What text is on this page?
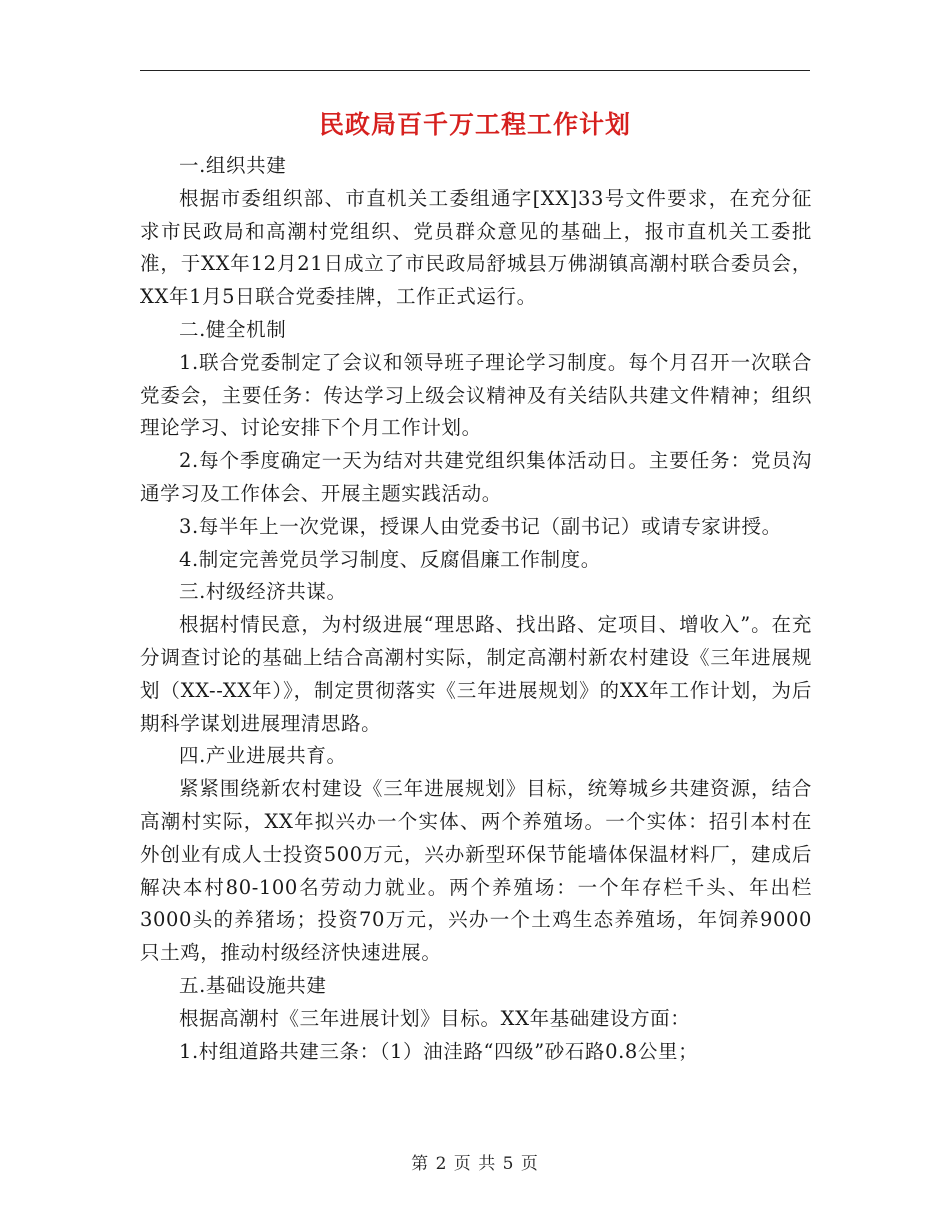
民政局百千万工程工作计划

一.组织共建

根据市委组织部、市直机关工委组通字[XX]33号文件要求，在充分征求市民政局和高潮村党组织、党员群众意见的基础上，报市直机关工委批准，于XX年12月21日成立了市民政局舒城县万佛湖镇高潮村联合委员会，XX年1月5日联合党委挂牌，工作正式运行。

二.健全机制

1.联合党委制定了会议和领导班子理论学习制度。每个月召开一次联合党委会，主要任务：传达学习上级会议精神及有关结队共建文件精神；组织理论学习、讨论安排下个月工作计划。

2.每个季度确定一天为结对共建党组织集体活动日。主要任务：党员沟通学习及工作体会、开展主题实践活动。

3.每半年上一次党课，授课人由党委书记（副书记）或请专家讲授。

4.制定完善党员学习制度、反腐倡廉工作制度。

三.村级经济共谋。

根据村情民意，为村级进展“理思路、找出路、定项目、增收入”。在充分调查讨论的基础上结合高潮村实际，制定高潮村新农村建设《三年进展规划（XX--XX年）》，制定贯彻落实《三年进展规划》的XX年工作计划，为后期科学谋划进展理清思路。

四.产业进展共育。

紧紧围绕新农村建设《三年进展规划》目标，统筹城乡共建资源，结合高潮村实际，XX年拟兴办一个实体、两个养殖场。一个实体：招引本村在外创业有成人士投资500万元，兴办新型环保节能墙体保温材料厂，建成后解决本村80-100名劳动力就业。两个养殖场：一个年存栏千头、年出栏3000头的养猪场；投资70万元，兴办一个土鸡生态养殖场，年饲养9000只土鸡，推动村级经济快速进展。

五.基础设施共建

根据高潮村《三年进展计划》目标。XX年基础建设方面：

1.村组道路共建三条：（1）油洼路“四级”砂石路0.8公里；

第 2 页 共 5 页
